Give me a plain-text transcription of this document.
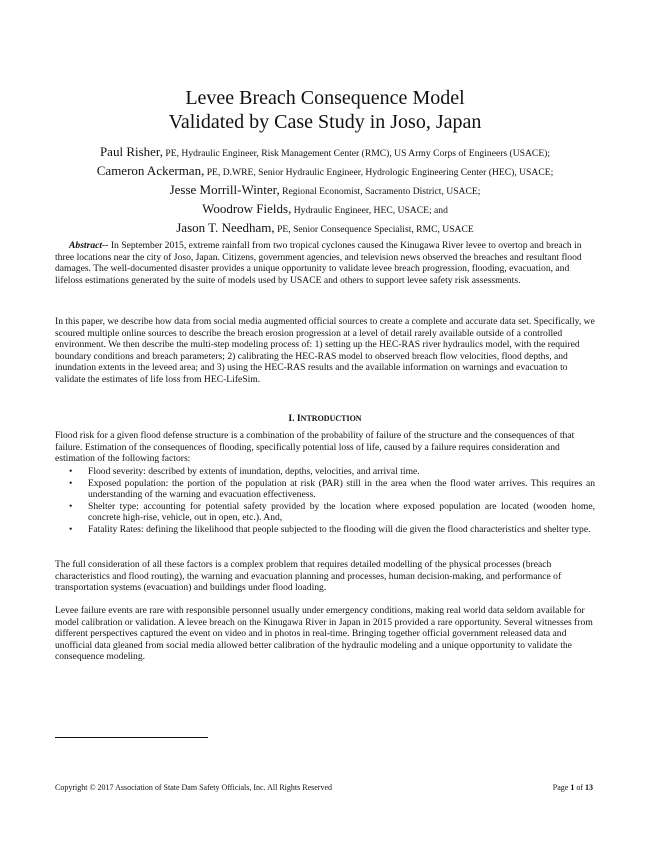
Levee Breach Consequence Model
Validated by Case Study in Joso, Japan
Paul Risher, PE, Hydraulic Engineer, Risk Management Center (RMC), US Army Corps of Engineers (USACE);
Cameron Ackerman, PE, D.WRE, Senior Hydraulic Engineer, Hydrologic Engineering Center (HEC), USACE;
Jesse Morrill-Winter, Regional Economist, Sacramento District, USACE;
Woodrow Fields, Hydraulic Engineer, HEC, USACE; and
Jason T. Needham, PE, Senior Consequence Specialist, RMC, USACE
Abstract-- In September 2015, extreme rainfall from two tropical cyclones caused the Kinugawa River levee to overtop and breach in three locations near the city of Joso, Japan. Citizens, government agencies, and television news observed the breaches and resultant flood damages. The well-documented disaster provides a unique opportunity to validate levee breach progression, flooding, evacuation, and lifeloss estimations generated by the suite of models used by USACE and others to support levee safety risk assessments.
In this paper, we describe how data from social media augmented official sources to create a complete and accurate data set. Specifically, we scoured multiple online sources to describe the breach erosion progression at a level of detail rarely available outside of a controlled environment. We then describe the multi-step modeling process of: 1) setting up the HEC-RAS river hydraulics model, with the required boundary conditions and breach parameters; 2) calibrating the HEC-RAS model to observed breach flow velocities, flood depths, and inundation extents in the leveed area; and 3) using the HEC-RAS results and the available information on warnings and evacuation to validate the estimates of life loss from HEC-LifeSim.
I. INTRODUCTION
Flood risk for a given flood defense structure is a combination of the probability of failure of the structure and the consequences of that failure. Estimation of the consequences of flooding, specifically potential loss of life, caused by a failure requires consideration and estimation of the following factors:
• Flood severity: described by extents of inundation, depths, velocities, and arrival time.
• Exposed population: the portion of the population at risk (PAR) still in the area when the flood water arrives. This requires an understanding of the warning and evacuation effectiveness.
• Shelter type: accounting for potential safety provided by the location where exposed population are located (wooden home, concrete high-rise, vehicle, out in open, etc.). And,
• Fatality Rates: defining the likelihood that people subjected to the flooding will die given the flood characteristics and shelter type.
The full consideration of all these factors is a complex problem that requires detailed modelling of the physical processes (breach characteristics and flood routing), the warning and evacuation planning and processes, human decision-making, and performance of transportation systems (evacuation) and buildings under flood loading.
Levee failure events are rare with responsible personnel usually under emergency conditions, making real world data seldom available for model calibration or validation. A levee breach on the Kinugawa River in Japan in 2015 provided a rare opportunity. Several witnesses from different perspectives captured the event on video and in photos in real-time. Bringing together official government released data and unofficial data gleaned from social media allowed better calibration of the hydraulic modeling and a unique opportunity to validate the consequence modeling.
Copyright © 2017 Association of State Dam Safety Officials, Inc. All Rights Reserved	Page 1 of 13
